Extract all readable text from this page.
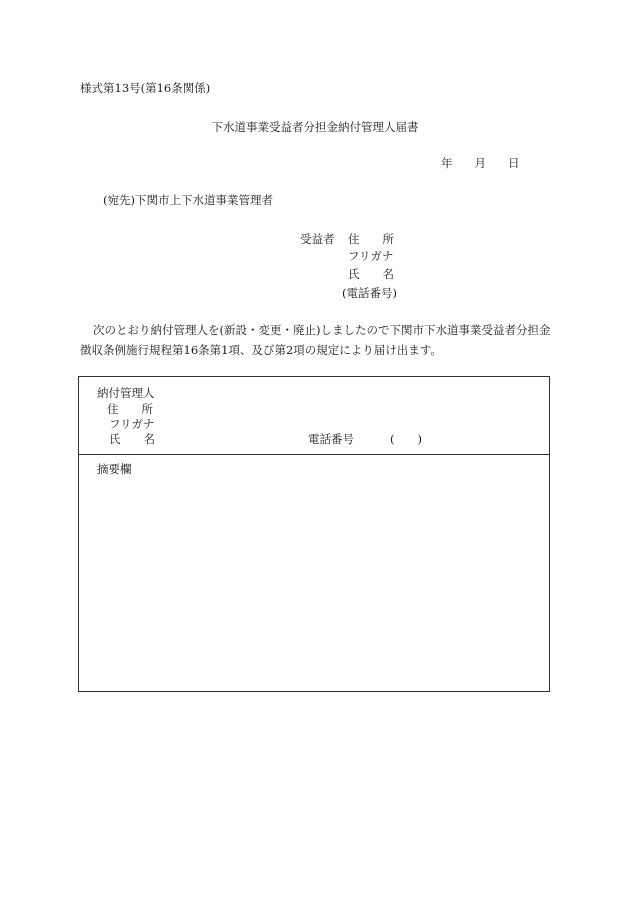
様式第13号(第16条関係)
下水道事業受益者分担金納付管理人届書
年 月 日
(宛先)下関市上下水道事業管理者
受益者 住　　所
フリガナ
氏　　名
(電話番号)
次のとおり納付管理人を(新設・変更・廃止)しましたので下関市下水道事業受益者分担金徴収条例施行規程第16条第1項、及び第2項の規定により届け出ます。
納付管理人
住　　所
フリガナ
氏　　名	電話番号	(　　)
摘要欄
